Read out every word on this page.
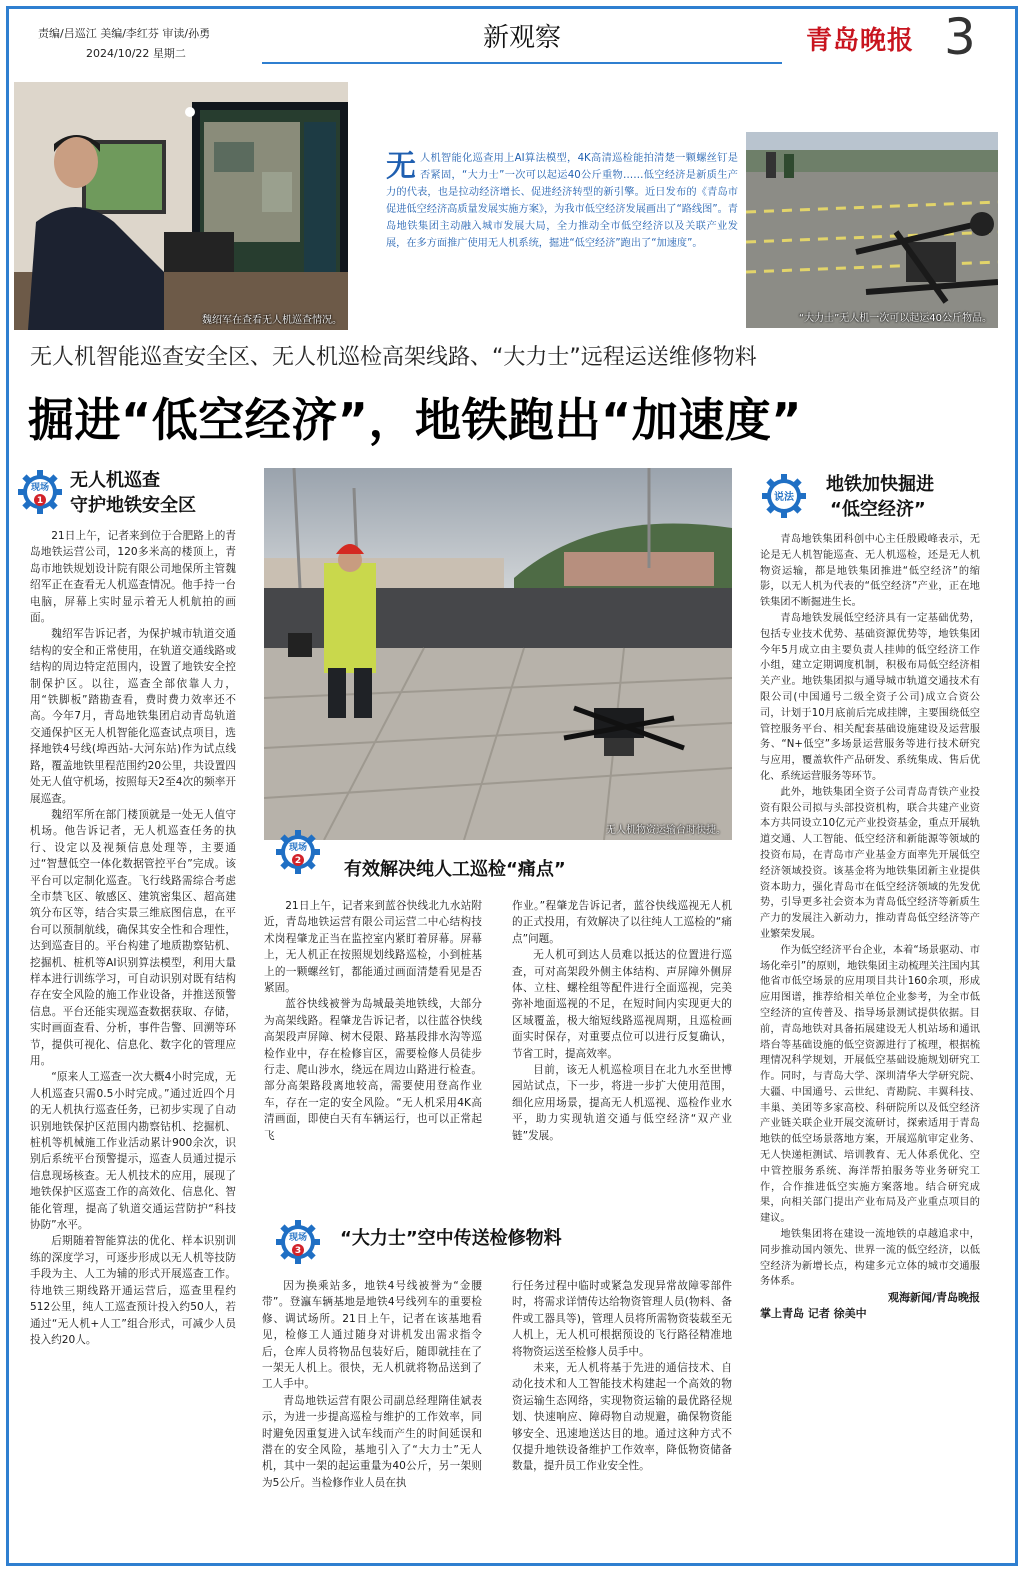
责编/吕巡江 美编/李红芬 审读/孙勇
2024/10/22 星期二
新观察	青岛晚报 3
魏绍军在查看无人机巡查情况。
无人机智能化巡查用上AI算法模型，4K高清巡检能拍清楚一颗螺丝钉是否紧固，“大力士”一次可以起运40公斤重物……低空经济是新质生产力的代表，也是拉动经济增长、促进经济转型的新引擎。近日发布的《青岛市促进低空经济高质量发展实施方案》，为我市低空经济发展画出了“路线图”。青岛地铁集团主动融入城市发展大局，全力推动全市低空经济以及关联产业发展，在多方面推广使用无人机系统，掘进“低空经济”跑出了“加速度”。
“大力士”无人机一次可以起运40公斤物品。
无人机智能巡查安全区、无人机巡检高架线路、“大力士”远程运送维修物料
掘进“低空经济”，地铁跑出“加速度”
现场
1
无人机巡查
守护地铁安全区

21日上午，记者来到位于合肥路上的青岛地铁运营公司，120多米高的楼顶上，青岛市地铁规划设计院有限公司地保所主管魏绍军正在查看无人机巡查情况。他手持一台电脑，屏幕上实时显示着无人机航拍的画面。

魏绍军告诉记者，为保护城市轨道交通结构的安全和正常使用，在轨道交通线路或结构的周边特定范围内，设置了地铁安全控制保护区。以往，巡查全部依靠人力，用“铁脚板”踏勘查看，费时费力效率还不高。今年7月，青岛地铁集团启动青岛轨道交通保护区无人机智能化巡查试点项目，选择地铁4号线(埠西站-大河东站)作为试点线路，覆盖地铁里程范围约20公里，共设置四处无人值守机场，按照每天2至4次的频率开展巡查。

魏绍军所在部门楼顶就是一处无人值守机场。他告诉记者，无人机巡查任务的执行、设定以及视频信息处理等，主要通过“智慧低空一体化数据管控平台”完成。该平台可以定制化巡查。飞行线路需综合考虑全市禁飞区、敏感区、建筑密集区、超高建筑分布区等，结合实景三维底图信息，在平台可以预制航线，确保其安全性和合理性，达到巡查目的。平台构建了地质勘察钻机、挖掘机、桩机等AI识别算法模型，利用大量样本进行训练学习，可自动识别对既有结构存在安全风险的施工作业设备，并推送预警信息。平台还能实现巡查数据获取、存储，实时画面查看、分析，事件告警、回溯等环节，提供可视化、信息化、数字化的管理应用。

“原来人工巡查一次大概4小时完成，无人机巡查只需0.5小时完成。”通过近四个月的无人机执行巡查任务，已初步实现了自动识别地铁保护区范围内勘察钻机、挖掘机、桩机等机械施工作业活动累计900余次，识别后系统平台预警提示，巡查人员通过提示信息现场核查。无人机技术的应用，展现了地铁保护区巡查工作的高效化、信息化、智能化管理，提高了轨道交通运营防护“科技协防”水平。

后期随着智能算法的优化、样本识别训练的深度学习，可逐步形成以无人机等技防手段为主、人工为辅的形式开展巡查工作。待地铁三期线路开通运营后，巡查里程约512公里，纯人工巡查预计投入约50人，若通过“无人机+人工”组合形式，可减少人员投入约20人。

无人机物资运输台时快捷。
现场
2 有效解决纯人工巡检“痛点”

21日上午，记者来到蓝谷快线北九水站附近，青岛地铁运营有限公司运营二中心结构技术岗程肇龙正当在监控室内紧盯着屏幕。屏幕上，无人机正在按照规划线路巡检，小到桩基上的一颗螺丝钉，都能通过画面清楚看见是否紧固。

蓝谷快线被誉为岛城最美地铁线，大部分为高架线路。程肇龙告诉记者，以往蓝谷快线高架段声屏障、树木侵限、路基段排水沟等巡检作业中，存在检修盲区，需要检修人员徒步行走、爬山涉水，绕远在周边山路进行检查。部分高架路段离地较高，需要使用登高作业车，存在一定的安全风险。“无人机采用4K高清画面，即使白天有车辆运行，也可以正常起飞

作业。”程肇龙告诉记者，蓝谷快线巡视无人机的正式投用，有效解决了以往纯人工巡检的“痛点”问题。

无人机可到达人员难以抵达的位置进行巡查，可对高架段外侧主体结构、声屏障外侧屏体、立柱、螺栓组等配件进行全面巡视，完美弥补地面巡视的不足，在短时间内实现更大的区域覆盖，极大缩短线路巡视周期，且巡检画面实时保存，对重要点位可以进行反复确认，节省工时，提高效率。

目前，该无人机巡检项目在北九水至世博园站试点，下一步，将进一步扩大使用范围，细化应用场景，提高无人机巡视、巡检作业水平，助力实现轨道交通与低空经济“双产业链”发展。

现场
3
“大力士”空中传送检修物料

因为换乘站多，地铁4号线被誉为“金腰带”。登瀛车辆基地是地铁4号线列车的重要检修、调试场所。21日上午，记者在该基地看见，检修工人通过随身对讲机发出需求指令后，仓库人员将物品包装好后，随即就挂在了一架无人机上。很快，无人机就将物品送到了工人手中。

青岛地铁运营有限公司副总经理隋佳斌表示，为进一步提高巡检与维护的工作效率，同时避免因重复进入试车线而产生的时间延误和潜在的安全风险，基地引入了“大力士”无人机，其中一架的起运重量为40公斤，另一架则为5公斤。当检修作业人员在执

行任务过程中临时或紧急发现异常故障零部件时，将需求详情传达给物资管理人员(物料、备件或工器具等)，管理人员将所需物资装载至无人机上，无人机可根据预设的飞行路径精准地将物资运送至检修人员手中。

未来，无人机将基于先进的通信技术、自动化技术和人工智能技术构建起一个高效的物资运输生态网络，实现物资运输的最优路径规划、快速响应、障碍物自动规避，确保物资能够安全、迅速地送达目的地。通过这种方式不仅提升地铁设备维护工作效率，降低物资储备数量，提升员工作业安全性。

说法
地铁加快掘进
“低空经济”

青岛地铁集团科创中心主任殷殿峰表示，无论是无人机智能巡查、无人机巡检，还是无人机物资运输，都是地铁集团推进“低空经济”的缩影，以无人机为代表的“低空经济”产业，正在地铁集团不断掘进生长。

青岛地铁发展低空经济具有一定基础优势，包括专业技术优势、基础资源优势等，地铁集团今年5月成立由主要负责人挂帅的低空经济工作小组，建立定期调度机制，积极布局低空经济相关产业。地铁集团拟与通导城市轨道交通技术有限公司(中国通号二级全资子公司)成立合资公司，计划于10月底前后完成挂牌，主要围绕低空管控服务平台、相关配套基础设施建设及运营服务、“N+低空”多场景运营服务等进行技术研究与应用，覆盖软件产品研发、系统集成、售后优化、系统运营服务等环节。

此外，地铁集团全资子公司青岛青铁产业投资有限公司拟与头部投资机构，联合共建产业资本方共同设立10亿元产业投资基金，重点开展轨道交通、人工智能、低空经济和新能源等领域的投资布局，在青岛市产业基金方面率先开展低空经济领域投资。该基金将为地铁集团新主业提供资本助力，强化青岛市在低空经济领域的先发优势，引导更多社会资本为青岛低空经济等新质生产力的发展注入新动力，推动青岛低空经济等产业繁荣发展。

作为低空经济平台企业，本着“场景驱动、市场化牵引”的原则，地铁集团主动梳理关注国内其他省市低空场景的应用项目共计160余项，形成应用图谱，推荐给相关单位企业参考，为全市低空经济的宣传普及、指导场景测试提供依据。目前，青岛地铁对具备拓展建设无人机站场和通讯塔台等基础设施的低空资源进行了梳理，根据梳理情况科学规划，开展低空基础设施规划研究工作。同时，与青岛大学、深圳清华大学研究院、大疆、中国通号、云世纪、青勘院、丰翼科技、丰巢、美团等多家高校、科研院所以及低空经济产业链关联企业开展交流研讨，探索适用于青岛地铁的低空场景落地方案，开展巡航审定业务、无人快递柜测试、培训教育、无人体系优化、空中管控服务系统、海洋帮拍服务等业务研究工作，合作推进低空实施方案落地。结合研究成果，向相关部门提出产业布局及产业重点项目的建议。

地铁集团将在建设一流地铁的卓越追求中，同步推动国内领先、世界一流的低空经济，以低空经济为新增长点，构建多元立体的城市交通服务体系。

观海新闻/青岛晚报
掌上青岛 记者 徐美中
